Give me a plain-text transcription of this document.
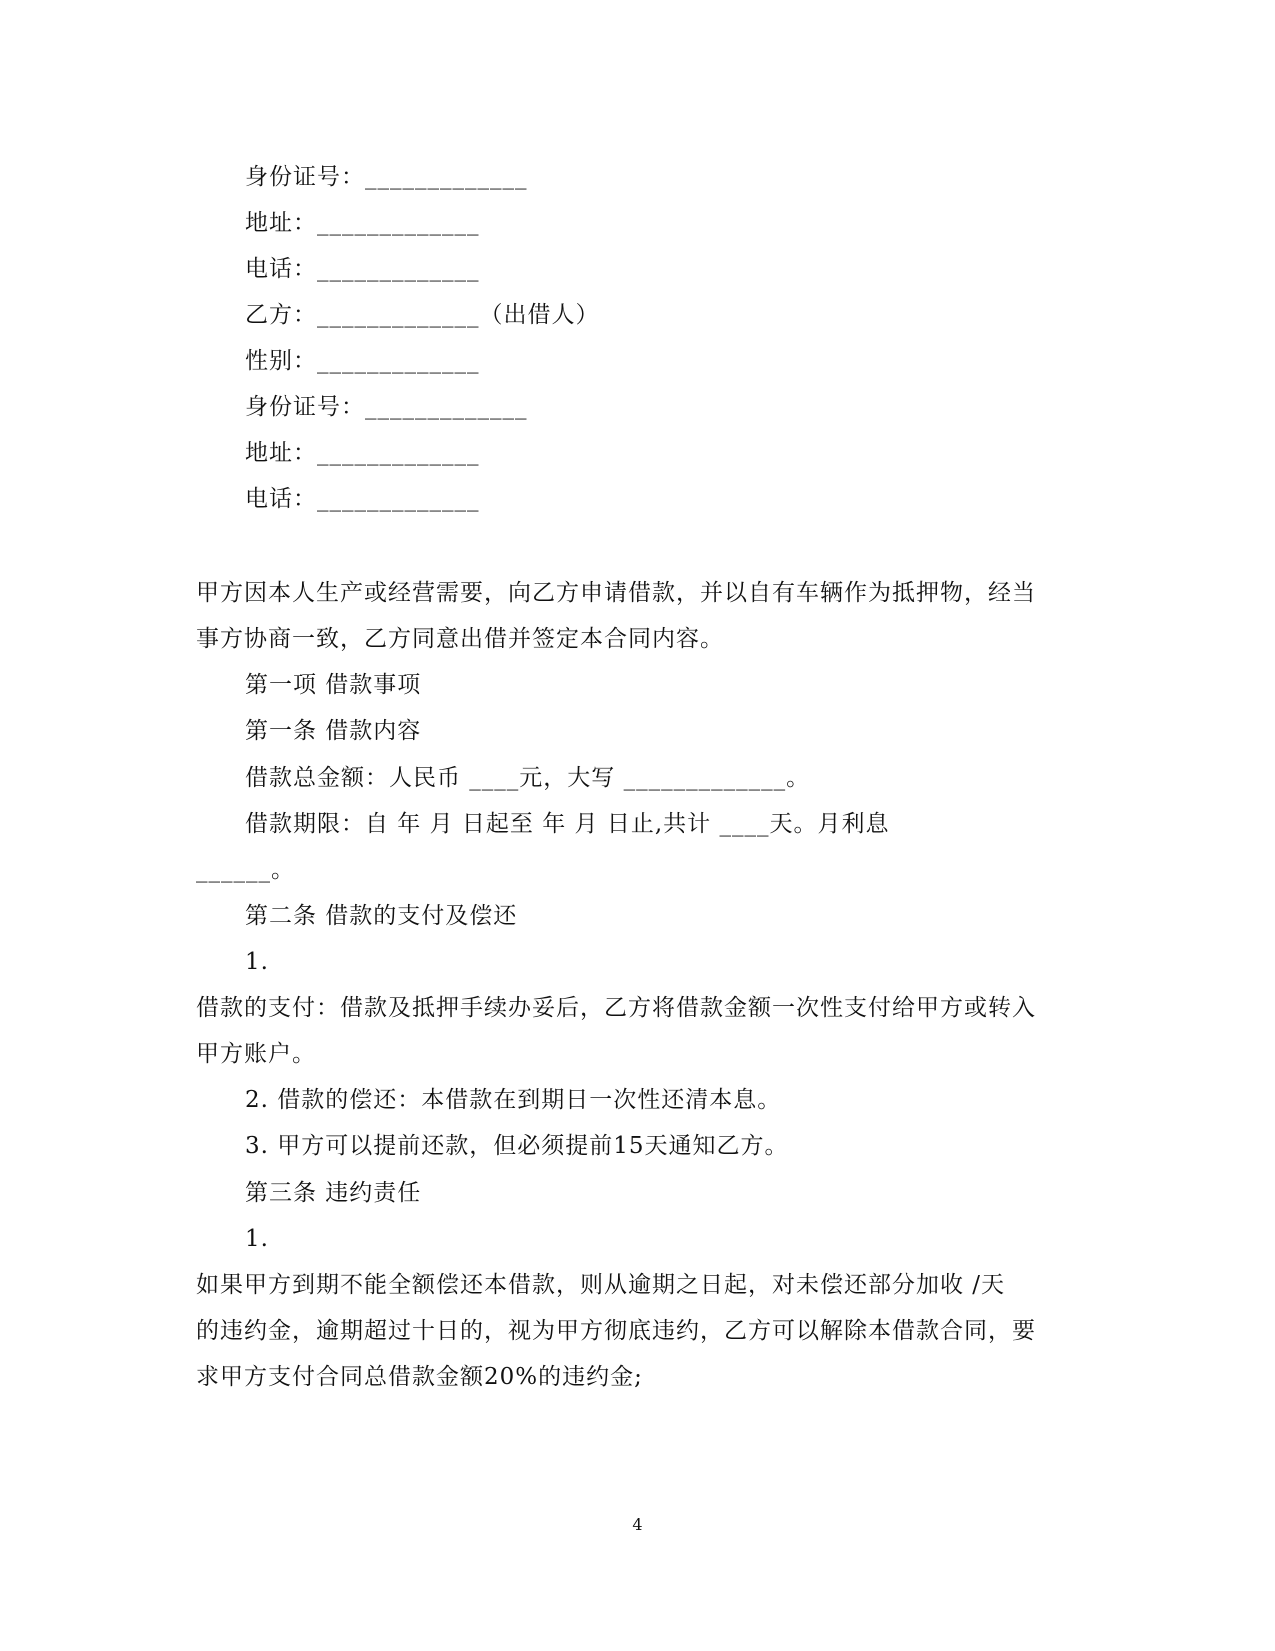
身份证号：_____________
地址：_____________
电话：_____________
乙方：_____________（出借人）
性别：_____________
身份证号：_____________
地址：_____________
电话：_____________
甲方因本人生产或经营需要，向乙方申请借款，并以自有车辆作为抵押物，经当
事方协商一致，乙方同意出借并签定本合同内容。
第一项 借款事项
第一条 借款内容
借款总金额：人民币 ____元，大写 _____________。
借款期限：自 年 月 日起至 年 月 日止,共计 ____天。月利息
______。
第二条 借款的支付及偿还
1.
借款的支付：借款及抵押手续办妥后，乙方将借款金额一次性支付给甲方或转入
甲方账户。
2. 借款的偿还：本借款在到期日一次性还清本息。
3. 甲方可以提前还款，但必须提前15天通知乙方。
第三条 违约责任
1.
如果甲方到期不能全额偿还本借款，则从逾期之日起，对未偿还部分加收 /天
的违约金，逾期超过十日的，视为甲方彻底违约，乙方可以解除本借款合同，要
求甲方支付合同总借款金额20%的违约金;
4
